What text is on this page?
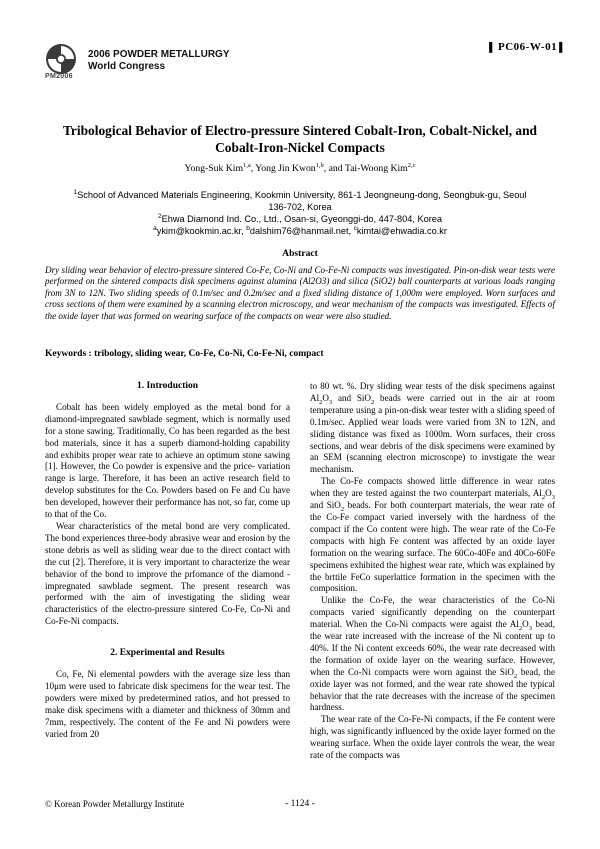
PM2006
2006 POWDER METALLURGY
World Congress
▌ PC06-W-01 ▌
Tribological Behavior of Electro-pressure Sintered Cobalt-Iron, Cobalt-Nickel, and
Cobalt-Iron-Nickel Compacts
Yong-Suk Kim$^{1,a}$, Yong Jin Kwon$^{1,b}$, and Tai-Woong Kim$^{2,c}$
$^1$School of Advanced Materials Engineering, Kookmin University, 861-1 Jeongneung-dong, Seongbuk-gu, Seoul
136-702, Korea
$^2$Ehwa Diamond Ind. Co., Ltd., Osan-si, Gyeonggi-do, 447-804, Korea
$^a$ykim@kookmin.ac.kr, $^b$dalshim76@hanmail.net, $^c$kimtai@ehwadia.co.kr
Abstract
Dry sliding wear behavior of electro-pressure sintered Co-Fe, Co-Ni and Co-Fe-Ni compacts was investigated. Pin-on-disk wear tests were performed on the sintered compacts disk specimens against alumina (Al2O3) and silica (SiO2) ball counterparts at various loads ranging from 3N to 12N. Two sliding speeds of 0.1m/sec and 0.2m/sec and a fixed sliding distance of 1,000m were employed. Worn surfaces and cross sections of them were examined by a scanning electron microscopy, and wear mechanism of the compacts was investigated. Effects of the oxide layer that was formed on wearing surface of the compacts on wear were also studied.
Keywords : tribology, sliding wear, Co-Fe, Co-Ni, Co-Fe-Ni, compact
1. Introduction

Cobalt has been widely employed as the metal bond for a diamond-impregnated sawblade segment, which is normally used for a stone sawing. Traditionally, Co has been regarded as the best bod materials, since it has a superb diamond-holding capability and exhibits proper wear rate to achieve an optimum stone sawing [1]. However, the Co powder is expensive and the price- variation range is large. Therefore, it has been an active research field to develop substitutes for the Co. Powders based on Fe and Cu have ben developed, however their performance has not, so far, come up to that of the Co.

Wear characteristics of the metal bond are very complicated. The bond experiences three-body abrasive wear and erosion by the stone debris as well as sliding wear due to the direct contact with the cut [2]. Therefore, it is very important to characterize the wear behavior of the bond to improve the prfomance of the diamond -impregnated sawblade segment. The present research was performed with the aim of investigating the sliding wear characteristics of the electro-pressure sintered Co-Fe, Co-Ni and Co-Fe-Ni compacts.

2. Experimental and Results

Co, Fe, Ni elemental powders with the average size less than 10μm were used to fabricate disk specimens for the wear test. The powders were mixed by predetermined ratios, and hot pressed to make disk specimens with a diameter and thickness of 30mm and 7mm, respectively. The content of the Fe and Ni powders were varied from 20

to 80 wt. %. Dry sliding wear tests of the disk specimens against $Al_2O_3$ and SiO$_2$ beads were carried out in the air at room temperature using a pin-on-disk wear tester with a sliding speed of 0.1m/sec. Applied wear loads were varied from 3N to 12N, and sliding distance was fixed as 1000m. Worn surfaces, their cross sections, and wear debris of the disk specimens were examined by an SEM (scanning electron microscope) to invstigate the wear mechanism.

The Co-Fe compacts showed little difference in wear rates when they are tested against the two counterpart materials, $Al_2O_3$ and SiO$_2$ beads. For both counterpart materials, the wear rate of the Co-Fe compact varied inversely with the hardness of the compact if the Co content were high. The wear rate of the Co-Fe compacts with high Fe content was affected by an oxide layer formation on the wearing surface. The 60Co-40Fe and 40Co-60Fe specimens exhibited the highest wear rate, which was explained by the brttile FeCo superlattice formation in the specimen with the composition.

Unlike the Co-Fe, the wear characteristics of the Co-Ni compacts varied significantly depending on the counterpart material. When the Co-Ni compacts were agaist the $Al_2O_3$ bead, the wear rate increased with the increase of the Ni content up to 40%. If the Ni content exceeds 60%, the wear rate decreased with the formation of oxide layer on the wearing surface. However, when the Co-Ni compacts were worn against the SiO$_2$ bead, the oxide layer was not formed, and the wear rate showed the typical behavior that the rate decreases with the increase of the specimen hardness.

The wear rate of the Co-Fe-Ni compacts, if the Fe content were high, was significantly influenced by the oxide layer formed on the wearing surface. When the oxide layer controls the wear, the wear rate of the compacts was

© Korean Powder Metallurgy Institute	- 1124 -
